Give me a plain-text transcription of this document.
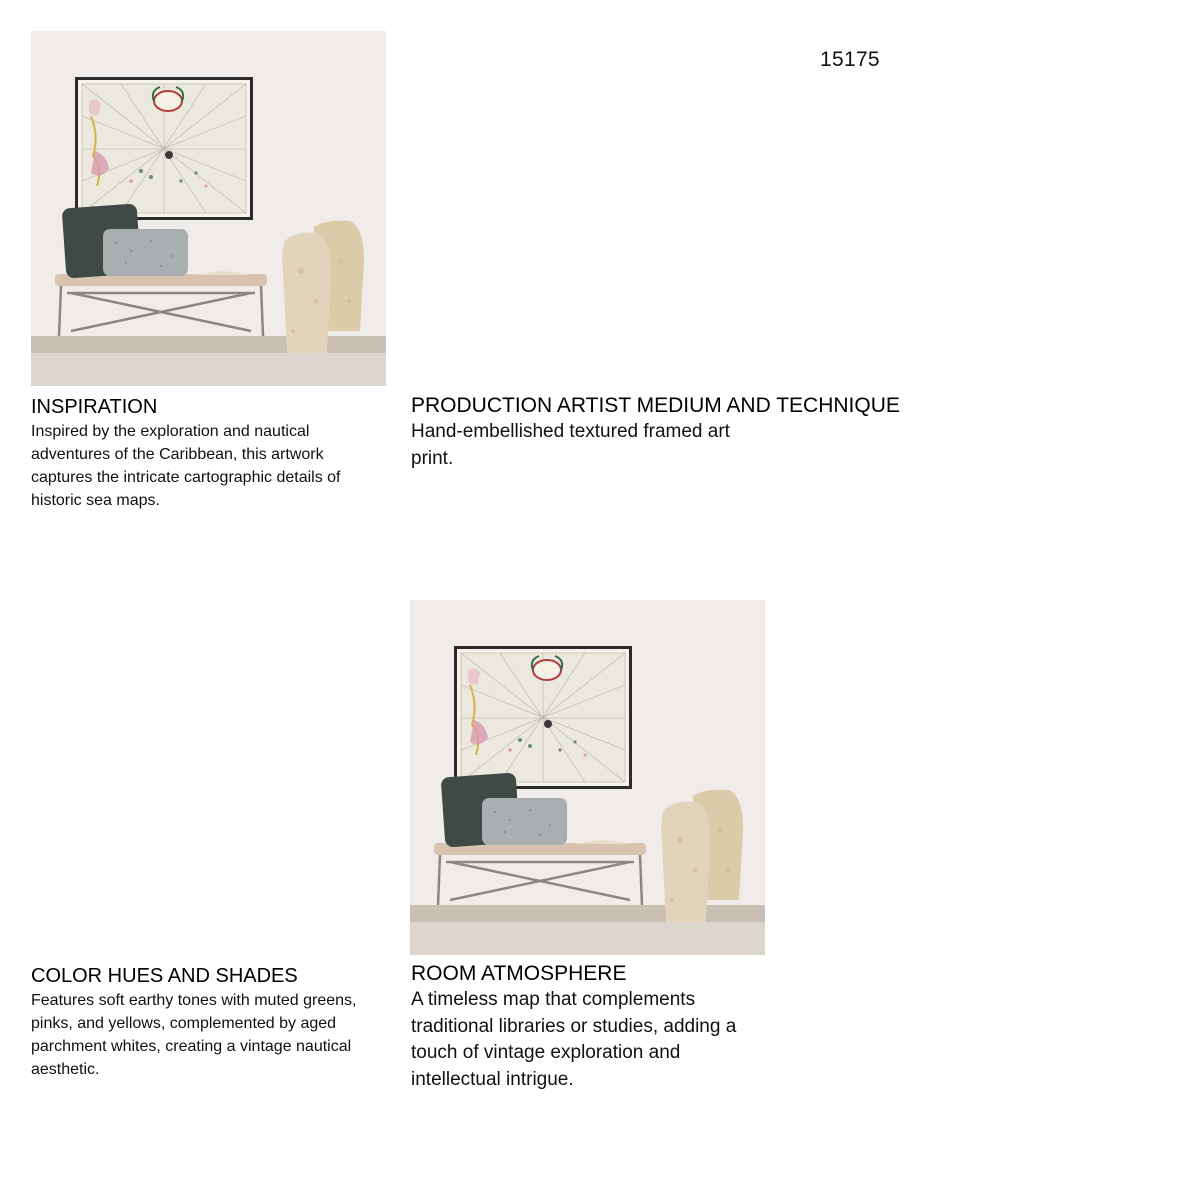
15175
INSPIRATION

Inspired by the exploration and nautical adventures of the Caribbean, this artwork captures the intricate cartographic details of historic sea maps.

PRODUCTION ARTIST MEDIUM AND TECHNIQUE

Hand-embellished textured framed art print.

COLOR HUES AND SHADES

Features soft earthy tones with muted greens, pinks, and yellows, complemented by aged parchment whites, creating a vintage nautical aesthetic.

ROOM ATMOSPHERE

A timeless map that complements traditional libraries or studies, adding a touch of vintage exploration and intellectual intrigue.
